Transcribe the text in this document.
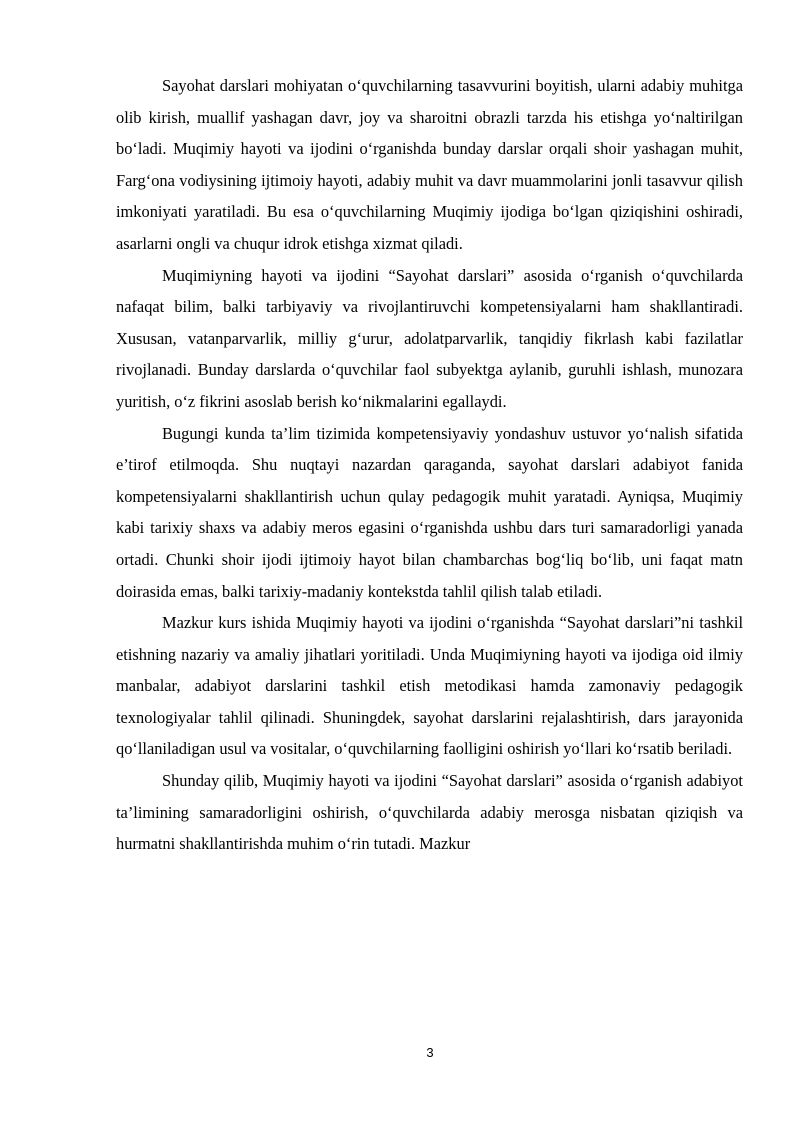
Sayohat darslari mohiyatan o‘quvchilarning tasavvurini boyitish, ularni adabiy muhitga olib kirish, muallif yashagan davr, joy va sharoitni obrazli tarzda his etishga yo‘naltirilgan bo‘ladi. Muqimiy hayoti va ijodini o‘rganishda bunday darslar orqali shoir yashagan muhit, Farg‘ona vodiysining ijtimoiy hayoti, adabiy muhit va davr muammolarini jonli tasavvur qilish imkoniyati yaratiladi. Bu esa o‘quvchilarning Muqimiy ijodiga bo‘lgan qiziqishini oshiradi, asarlarni ongli va chuqur idrok etishga xizmat qiladi.

Muqimiyning hayoti va ijodini “Sayohat darslari” asosida o‘rganish o‘quvchilarda nafaqat bilim, balki tarbiyaviy va rivojlantiruvchi kompetensiyalarni ham shakllantiradi. Xususan, vatanparvarlik, milliy g‘urur, adolatparvarlik, tanqidiy fikrlash kabi fazilatlar rivojlanadi. Bunday darslarda o‘quvchilar faol subyektga aylanib, guruhli ishlash, munozara yuritish, o‘z fikrini asoslab berish ko‘nikmalarini egallaydi.

Bugungi kunda ta’lim tizimida kompetensiyaviy yondashuv ustuvor yo‘nalish sifatida e’tirof etilmoqda. Shu nuqtayi nazardan qaraganda, sayohat darslari adabiyot fanida kompetensiyalarni shakllantirish uchun qulay pedagogik muhit yaratadi. Ayniqsa, Muqimiy kabi tarixiy shaxs va adabiy meros egasini o‘rganishda ushbu dars turi samaradorligi yanada ortadi. Chunki shoir ijodi ijtimoiy hayot bilan chambarchas bog‘liq bo‘lib, uni faqat matn doirasida emas, balki tarixiy-madaniy kontekstda tahlil qilish talab etiladi.

Mazkur kurs ishida Muqimiy hayoti va ijodini o‘rganishda “Sayohat darslari”ni tashkil etishning nazariy va amaliy jihatlari yoritiladi. Unda Muqimiyning hayoti va ijodiga oid ilmiy manbalar, adabiyot darslarini tashkil etish metodikasi hamda zamonaviy pedagogik texnologiyalar tahlil qilinadi. Shuningdek, sayohat darslarini rejalashtirish, dars jarayonida qo‘llaniladigan usul va vositalar, o‘quvchilarning faolligini oshirish yo‘llari ko‘rsatib beriladi.

Shunday qilib, Muqimiy hayoti va ijodini “Sayohat darslari” asosida o‘rganish adabiyot ta’limining samaradorligini oshirish, o‘quvchilarda adabiy merosga nisbatan qiziqish va hurmatni shakllantirishda muhim o‘rin tutadi. Mazkur

3
